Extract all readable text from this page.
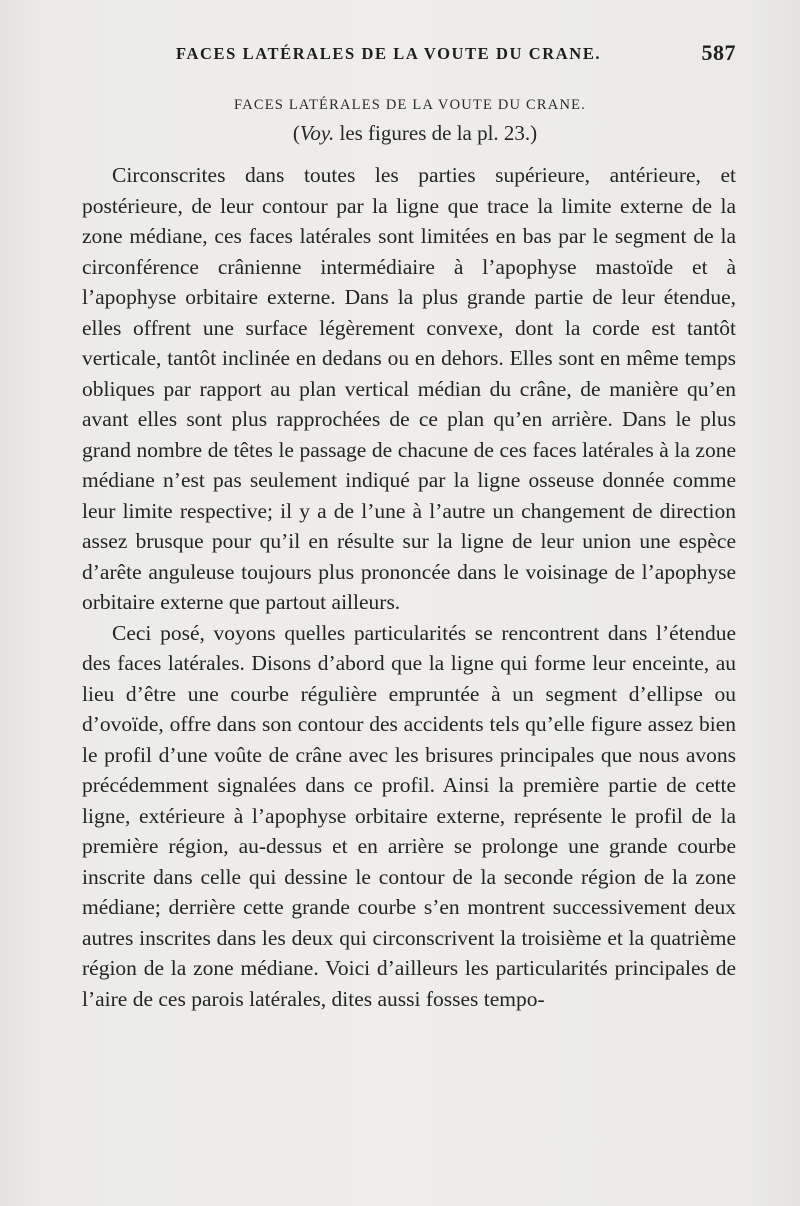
FACES LATÉRALES DE LA VOUTE DU CRANE.	587
FACES LATÉRALES DE LA VOUTE DU CRANE.
(Voy. les figures de la pl. 23.)

Circonscrites dans toutes les parties supérieure, antérieure, et postérieure, de leur contour par la ligne que trace la limite externe de la zone médiane, ces faces latérales sont limitées en bas par le segment de la circonférence crânienne intermédiaire à l’apophyse mastoïde et à l’apophyse orbitaire externe. Dans la plus grande partie de leur étendue, elles offrent une surface légèrement convexe, dont la corde est tantôt verticale, tantôt inclinée en dedans ou en dehors. Elles sont en même temps obliques par rapport au plan vertical médian du crâne, de manière qu’en avant elles sont plus rapprochées de ce plan qu’en arrière. Dans le plus grand nombre de têtes le passage de chacune de ces faces latérales à la zone médiane n’est pas seulement indiqué par la ligne osseuse donnée comme leur limite respective; il y a de l’une à l’autre un changement de direction assez brusque pour qu’il en résulte sur la ligne de leur union une espèce d’arête anguleuse toujours plus prononcée dans le voisinage de l’apophyse orbitaire externe que partout ailleurs.

Ceci posé, voyons quelles particularités se rencontrent dans l’étendue des faces latérales. Disons d’abord que la ligne qui forme leur enceinte, au lieu d’être une courbe régulière empruntée à un segment d’ellipse ou d’ovoïde, offre dans son contour des accidents tels qu’elle figure assez bien le profil d’une voûte de crâne avec les brisures principales que nous avons précédemment signalées dans ce profil. Ainsi la première partie de cette ligne, extérieure à l’apophyse orbitaire externe, représente le profil de la première région, au-dessus et en arrière se prolonge une grande courbe inscrite dans celle qui dessine le contour de la seconde région de la zone médiane; derrière cette grande courbe s’en montrent successivement deux autres inscrites dans les deux qui circonscrivent la troisième et la quatrième région de la zone médiane. Voici d’ailleurs les particularités principales de l’aire de ces parois latérales, dites aussi fosses tempo-
